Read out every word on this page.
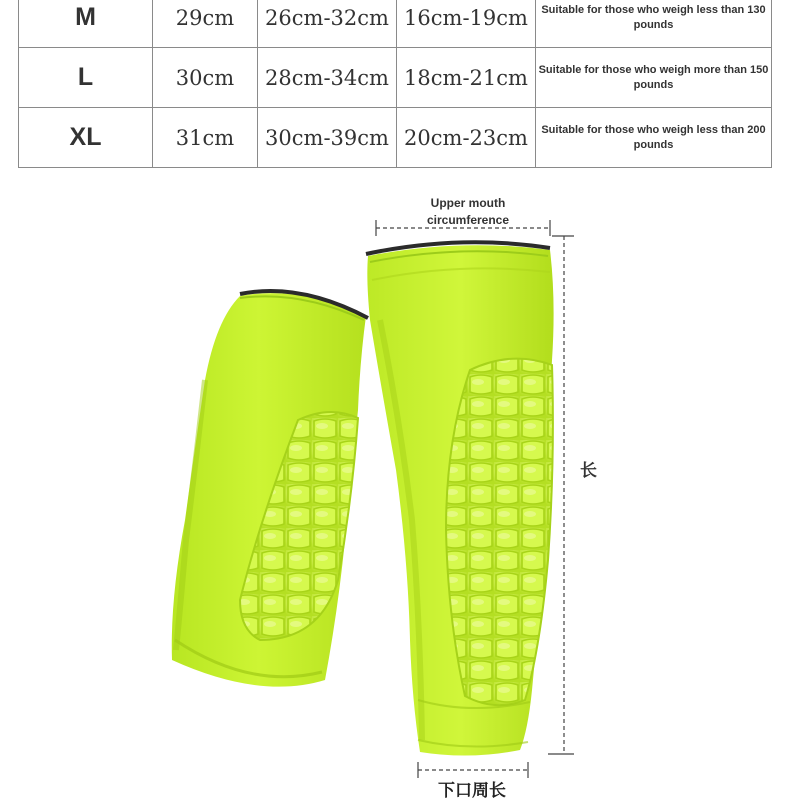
M	29cm	26cm-32cm	16cm-19cm	Suitable for those who weigh less than 130 pounds
L	30cm	28cm-34cm	18cm-21cm	Suitable for those who weigh more than 150 pounds
XL	31cm	30cm-39cm	20cm-23cm	Suitable for those who weigh less than 200 pounds
Upper mouth circumference
长
下口周长
